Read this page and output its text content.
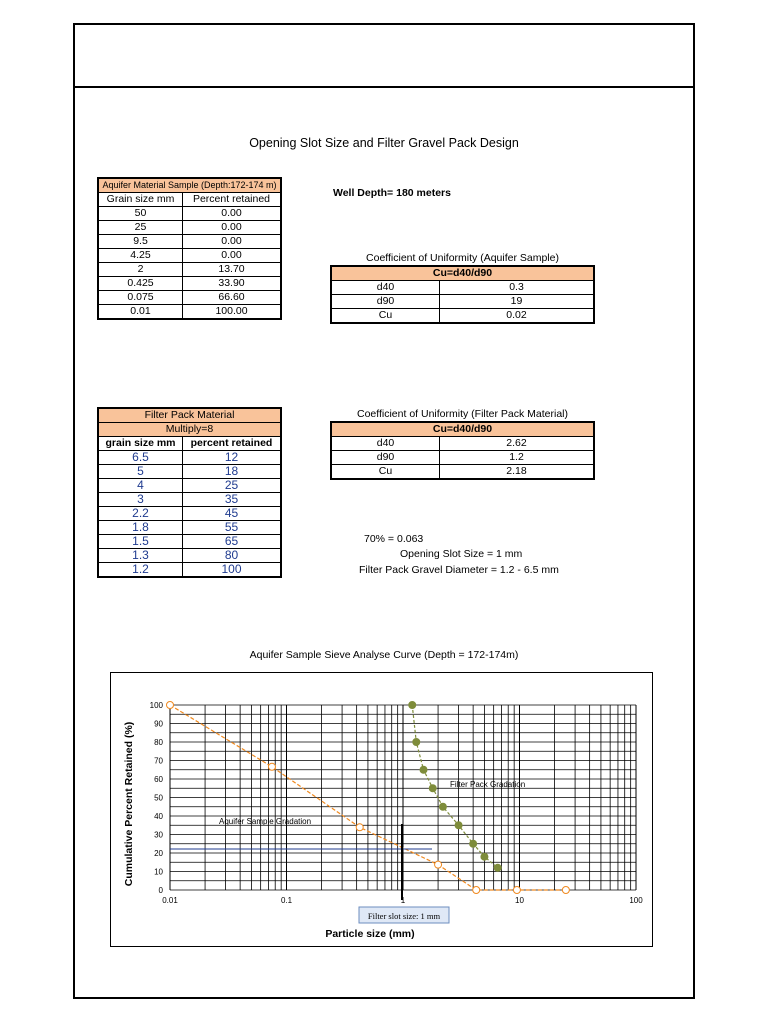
Opening Slot Size and Filter Gravel Pack Design
Aquifer Material Sample (Depth:172-174 m)	
Grain size mm	Percent retained
50	0.00
25	0.00
9.5	0.00
4.25	0.00
2	13.70
0.425	33.90
0.075	66.60
0.01	100.00
Well Depth= 180 meters
Coefficient of Uniformity (Aquifer Sample)
Cu=d40/d90	
d40	0.3
d90	19
Cu	0.02
Filter Pack Material	
Multiply=8	
grain size mm	percent retained
6.5	12
5	18
4	25
3	35
2.2	45
1.8	55
1.5	65
1.3	80
1.2	100
Coefficient of Uniformity (Filter Pack Material)
Cu=d40/d90	
d40	2.62
d90	1.2
Cu	2.18
70% = 0.063
Opening Slot Size = 1 mm
Filter Pack Gravel Diameter = 1.2 - 6.5 mm
Aquifer Sample Sieve Analyse Curve (Depth = 172-174m)
0
10
20
30
40
50
60
70
80
90
100
0.01	0.1	1	10	100
Cumulative Percent Retained (%)
Particle size (mm)
Filter Pack Gradation
Aquifer Sample Gradation
Filter slot size: 1 mm
